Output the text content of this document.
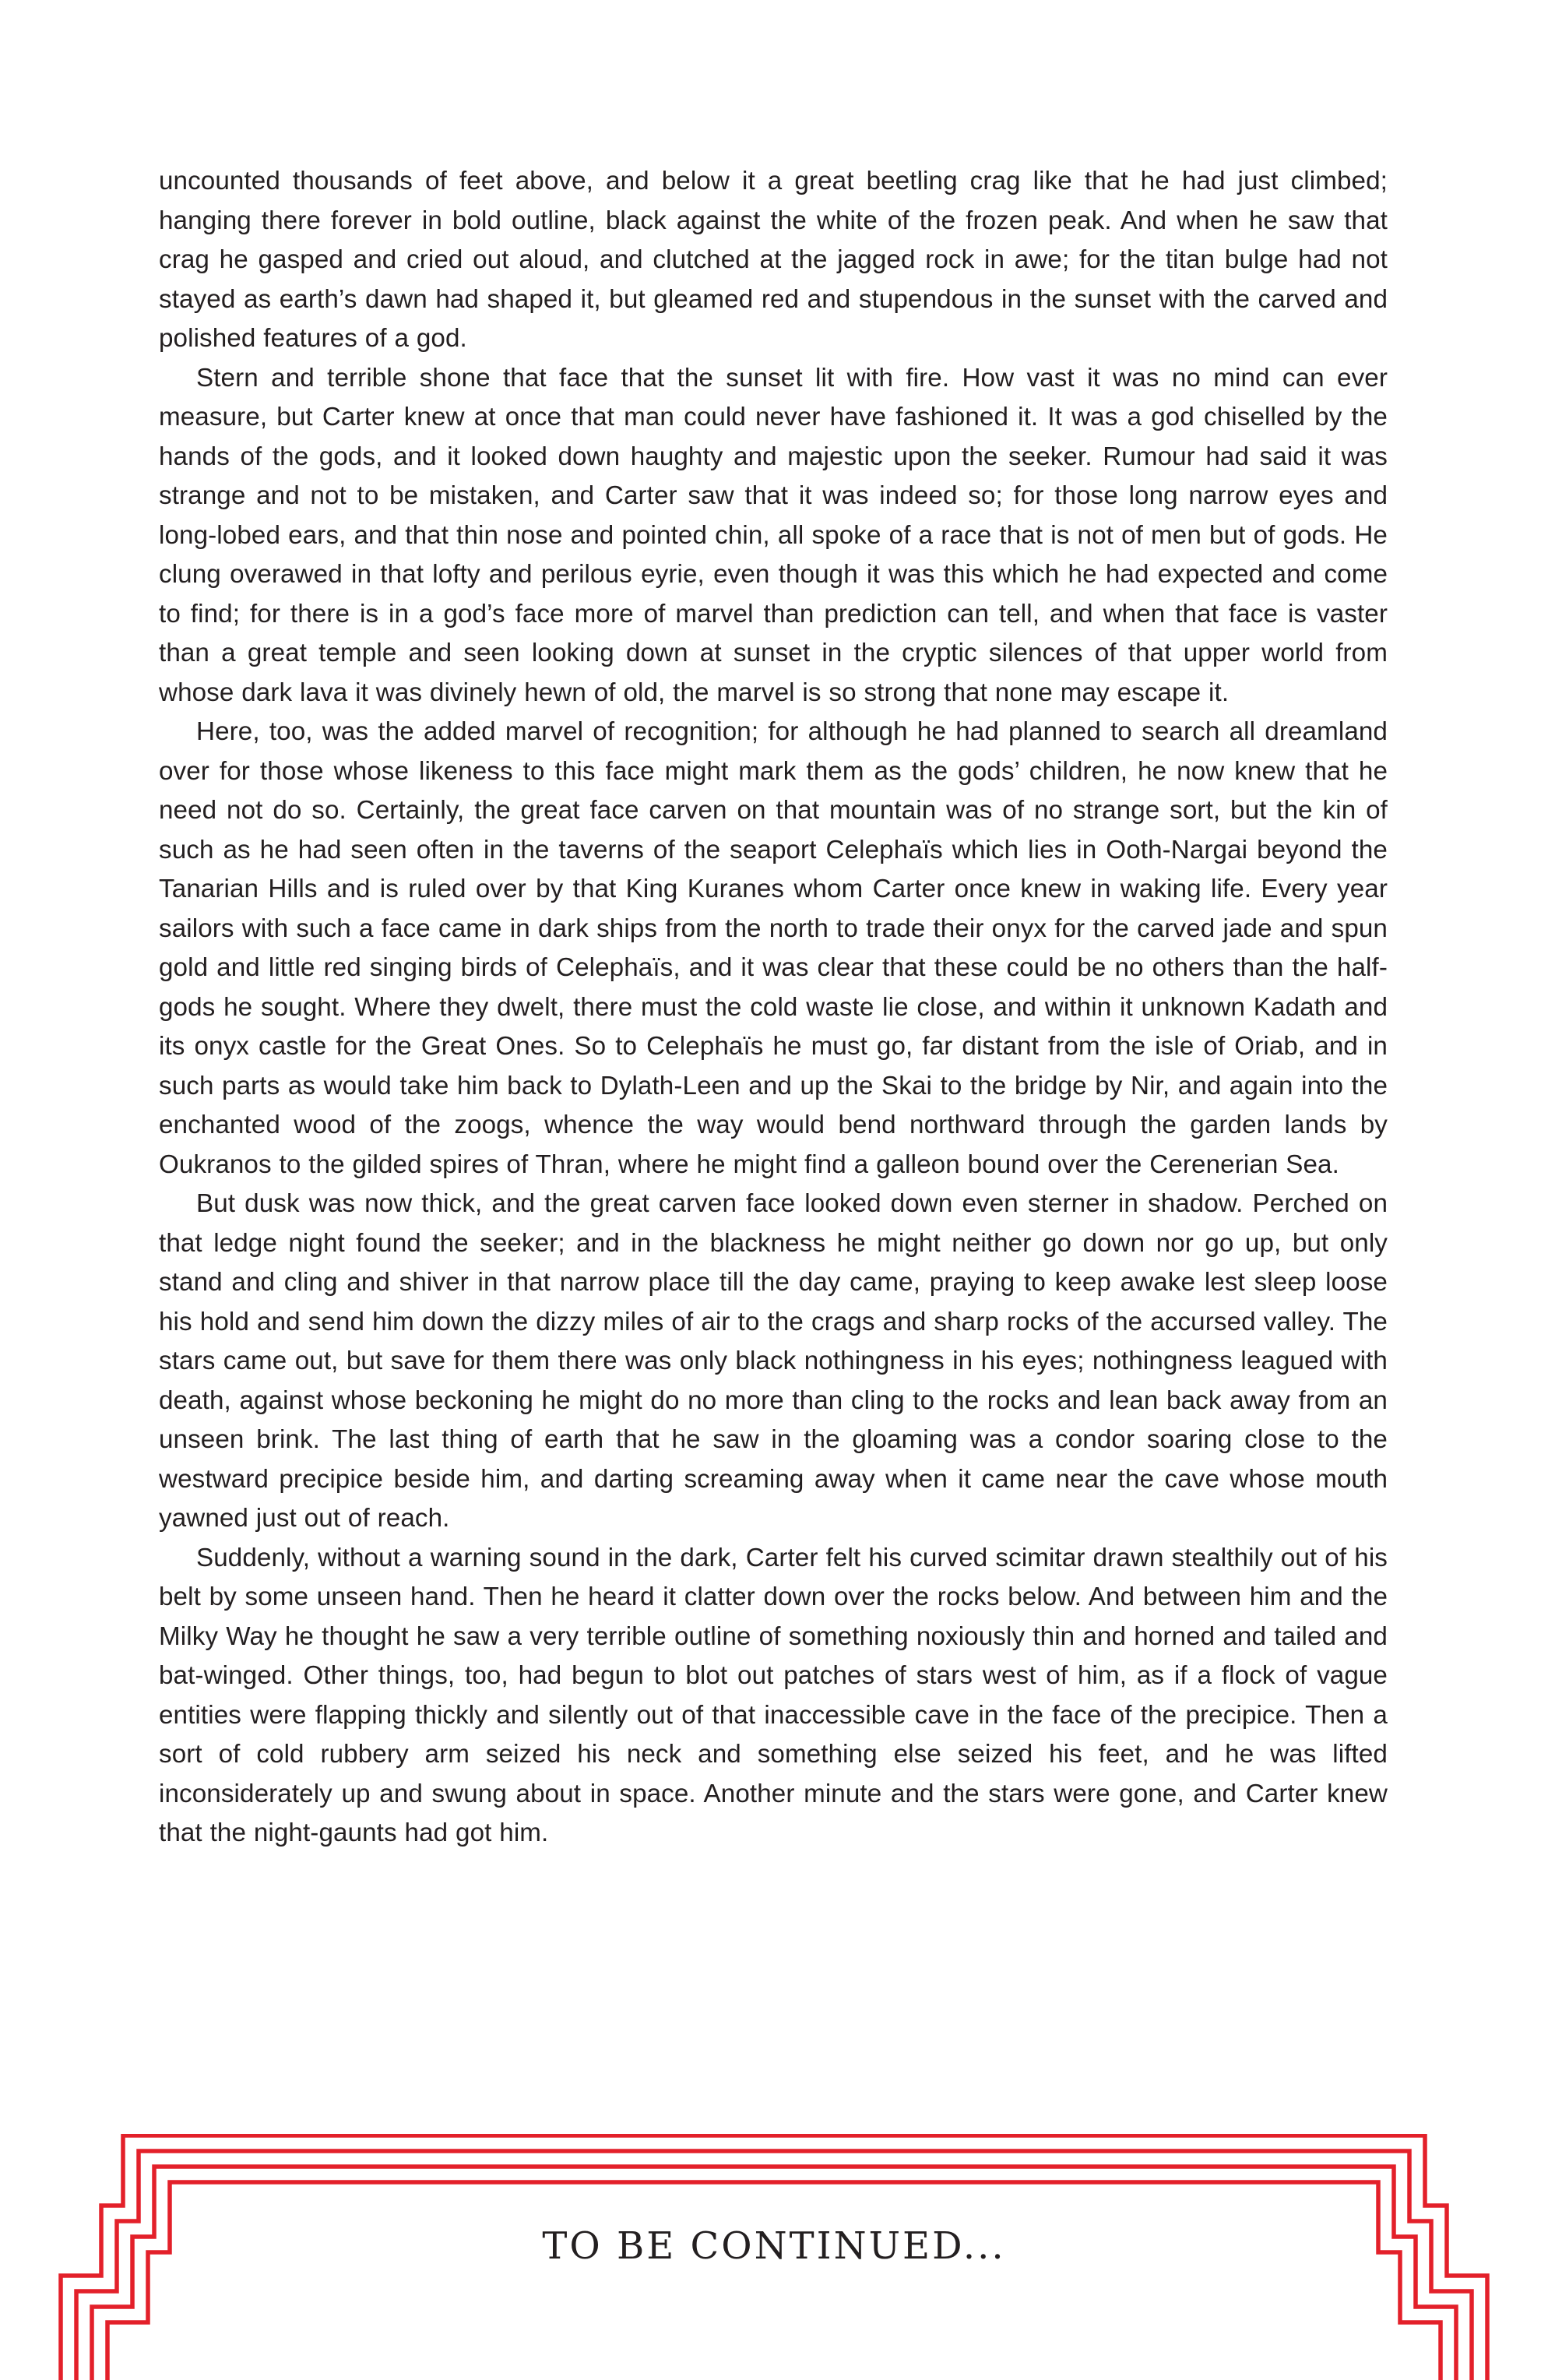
uncounted thousands of feet above, and below it a great beetling crag like that he had just climbed; hanging there forever in bold outline, black against the white of the frozen peak. And when he saw that crag he gasped and cried out aloud, and clutched at the jagged rock in awe; for the titan bulge had not stayed as earth’s dawn had shaped it, but gleamed red and stupendous in the sunset with the carved and polished features of a god.

Stern and terrible shone that face that the sunset lit with fire. How vast it was no mind can ever measure, but Carter knew at once that man could never have fashioned it. It was a god chiselled by the hands of the gods, and it looked down haughty and majestic upon the seeker. Rumour had said it was strange and not to be mistaken, and Carter saw that it was indeed so; for those long narrow eyes and long-lobed ears, and that thin nose and pointed chin, all spoke of a race that is not of men but of gods. He clung overawed in that lofty and perilous eyrie, even though it was this which he had expected and come to find; for there is in a god’s face more of marvel than prediction can tell, and when that face is vaster than a great temple and seen looking down at sunset in the cryptic silences of that upper world from whose dark lava it was divinely hewn of old, the marvel is so strong that none may escape it.

Here, too, was the added marvel of recognition; for although he had planned to search all dreamland over for those whose likeness to this face might mark them as the gods’ children, he now knew that he need not do so. Certainly, the great face carven on that mountain was of no strange sort, but the kin of such as he had seen often in the taverns of the seaport Celephaïs which lies in Ooth-Nargai beyond the Tanarian Hills and is ruled over by that King Kuranes whom Carter once knew in waking life. Every year sailors with such a face came in dark ships from the north to trade their onyx for the carved jade and spun gold and little red singing birds of Celephaïs, and it was clear that these could be no others than the half-gods he sought. Where they dwelt, there must the cold waste lie close, and within it unknown Kadath and its onyx castle for the Great Ones. So to Celephaïs he must go, far distant from the isle of Oriab, and in such parts as would take him back to Dylath-Leen and up the Skai to the bridge by Nir, and again into the enchanted wood of the zoogs, whence the way would bend northward through the garden lands by Oukranos to the gilded spires of Thran, where he might find a galleon bound over the Cerenerian Sea.

But dusk was now thick, and the great carven face looked down even sterner in shadow. Perched on that ledge night found the seeker; and in the blackness he might neither go down nor go up, but only stand and cling and shiver in that narrow place till the day came, praying to keep awake lest sleep loose his hold and send him down the dizzy miles of air to the crags and sharp rocks of the accursed valley. The stars came out, but save for them there was only black nothingness in his eyes; nothingness leagued with death, against whose beckoning he might do no more than cling to the rocks and lean back away from an unseen brink. The last thing of earth that he saw in the gloaming was a condor soaring close to the westward precipice beside him, and darting screaming away when it came near the cave whose mouth yawned just out of reach.

Suddenly, without a warning sound in the dark, Carter felt his curved scimitar drawn stealthily out of his belt by some unseen hand. Then he heard it clatter down over the rocks below. And between him and the Milky Way he thought he saw a very terrible outline of something noxiously thin and horned and tailed and bat-winged. Other things, too, had begun to blot out patches of stars west of him, as if a flock of vague entities were flapping thickly and silently out of that inaccessible cave in the face of the precipice. Then a sort of cold rubbery arm seized his neck and something else seized his feet, and he was lifted inconsiderately up and swung about in space. Another minute and the stars were gone, and Carter knew that the night-gaunts had got him.

TO BE CONTINUED...
